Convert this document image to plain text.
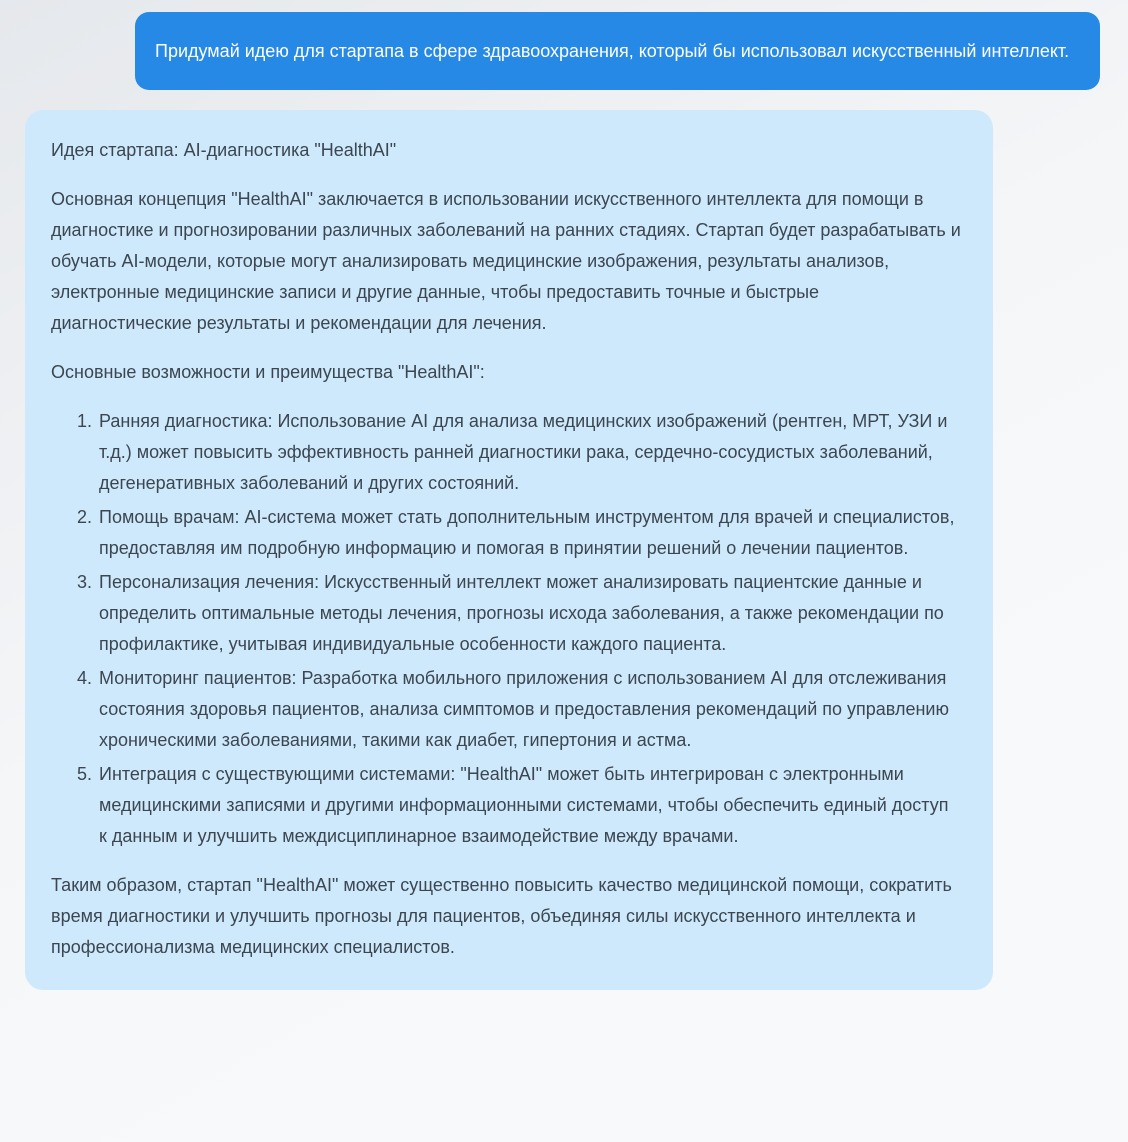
Придумай идею для стартапа в сфере здравоохранения, который бы использовал искусственный интеллект.

Идея стартапа: AI-диагностика "HealthAI"

Основная концепция "HealthAI" заключается в использовании искусственного интеллекта для помощи в диагностике и прогнозировании различных заболеваний на ранних стадиях. Стартап будет разрабатывать и обучать AI-модели, которые могут анализировать медицинские изображения, результаты анализов, электронные медицинские записи и другие данные, чтобы предоставить точные и быстрые диагностические результаты и рекомендации для лечения.

Основные возможности и преимущества "HealthAI":

1. Ранняя диагностика: Использование AI для анализа медицинских изображений (рентген, МРТ, УЗИ и т.д.) может повысить эффективность ранней диагностики рака, сердечно-сосудистых заболеваний, дегенеративных заболеваний и других состояний.
2. Помощь врачам: AI-система может стать дополнительным инструментом для врачей и специалистов, предоставляя им подробную информацию и помогая в принятии решений о лечении пациентов.
3. Персонализация лечения: Искусственный интеллект может анализировать пациентские данные и определить оптимальные методы лечения, прогнозы исхода заболевания, а также рекомендации по профилактике, учитывая индивидуальные особенности каждого пациента.
4. Мониторинг пациентов: Разработка мобильного приложения с использованием AI для отслеживания состояния здоровья пациентов, анализа симптомов и предоставления рекомендаций по управлению хроническими заболеваниями, такими как диабет, гипертония и астма.
5. Интеграция с существующими системами: "HealthAI" может быть интегрирован с электронными медицинскими записями и другими информационными системами, чтобы обеспечить единый доступ к данным и улучшить междисциплинарное взаимодействие между врачами.

Таким образом, стартап "HealthAI" может существенно повысить качество медицинской помощи, сократить время диагностики и улучшить прогнозы для пациентов, объединяя силы искусственного интеллекта и профессионализма медицинских специалистов.
